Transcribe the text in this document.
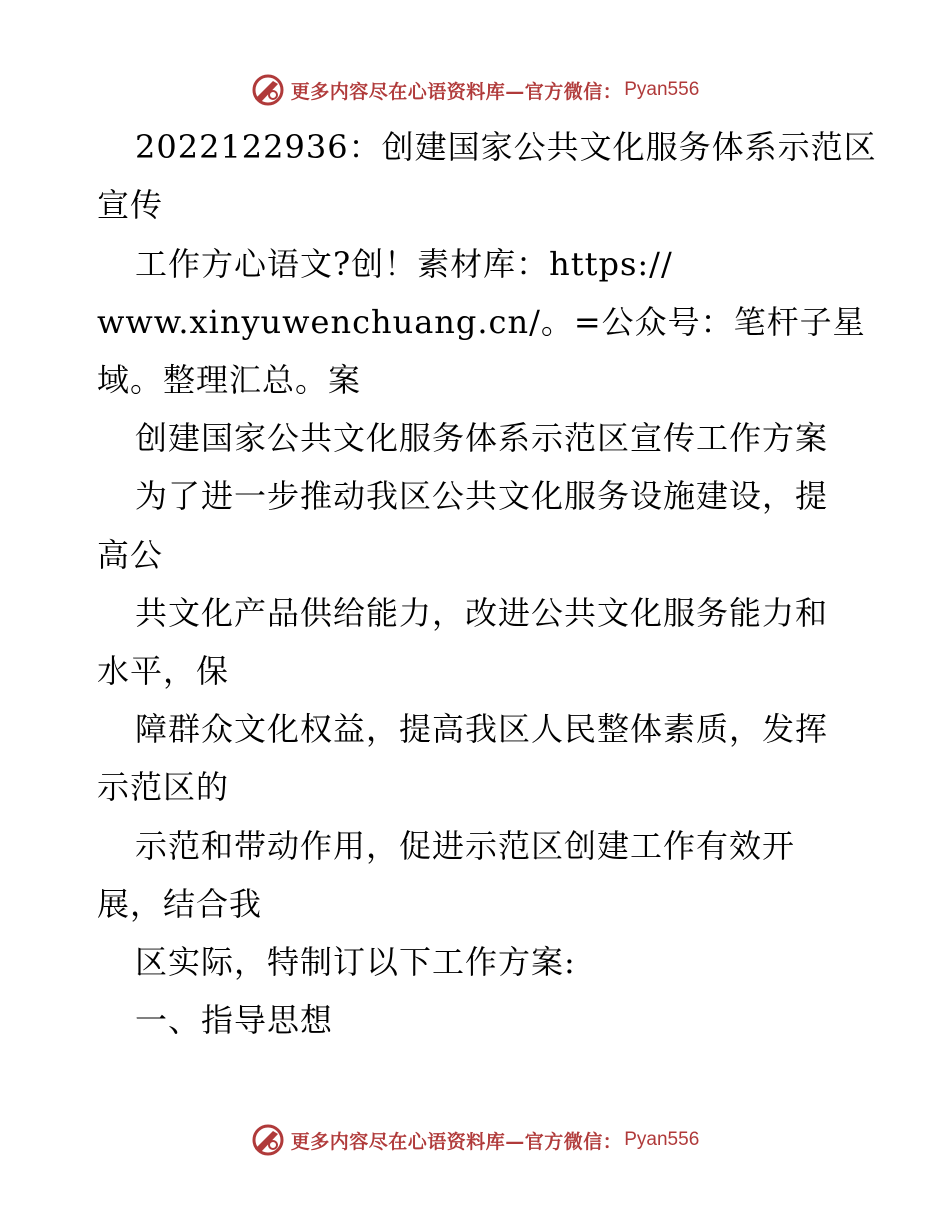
更多内容尽在心语资料库—官方微信： Pyan556

2022122936：创建国家公共文化服务体系示范区

宣传

工作方心语文?创！素材库：https://

www.xinyuwenchuang.cn/。=公众号：笔杆子星

域。整理汇总。案

创建国家公共文化服务体系示范区宣传工作方案

为了进一步推动我区公共文化服务设施建设，提

高公

共文化产品供给能力，改进公共文化服务能力和

水平，保

障群众文化权益，提高我区人民整体素质，发挥

示范区的

示范和带动作用，促进示范区创建工作有效开

展，结合我

区实际，特制订以下工作方案:

一、指导思想

更多内容尽在心语资料库—官方微信： Pyan556
